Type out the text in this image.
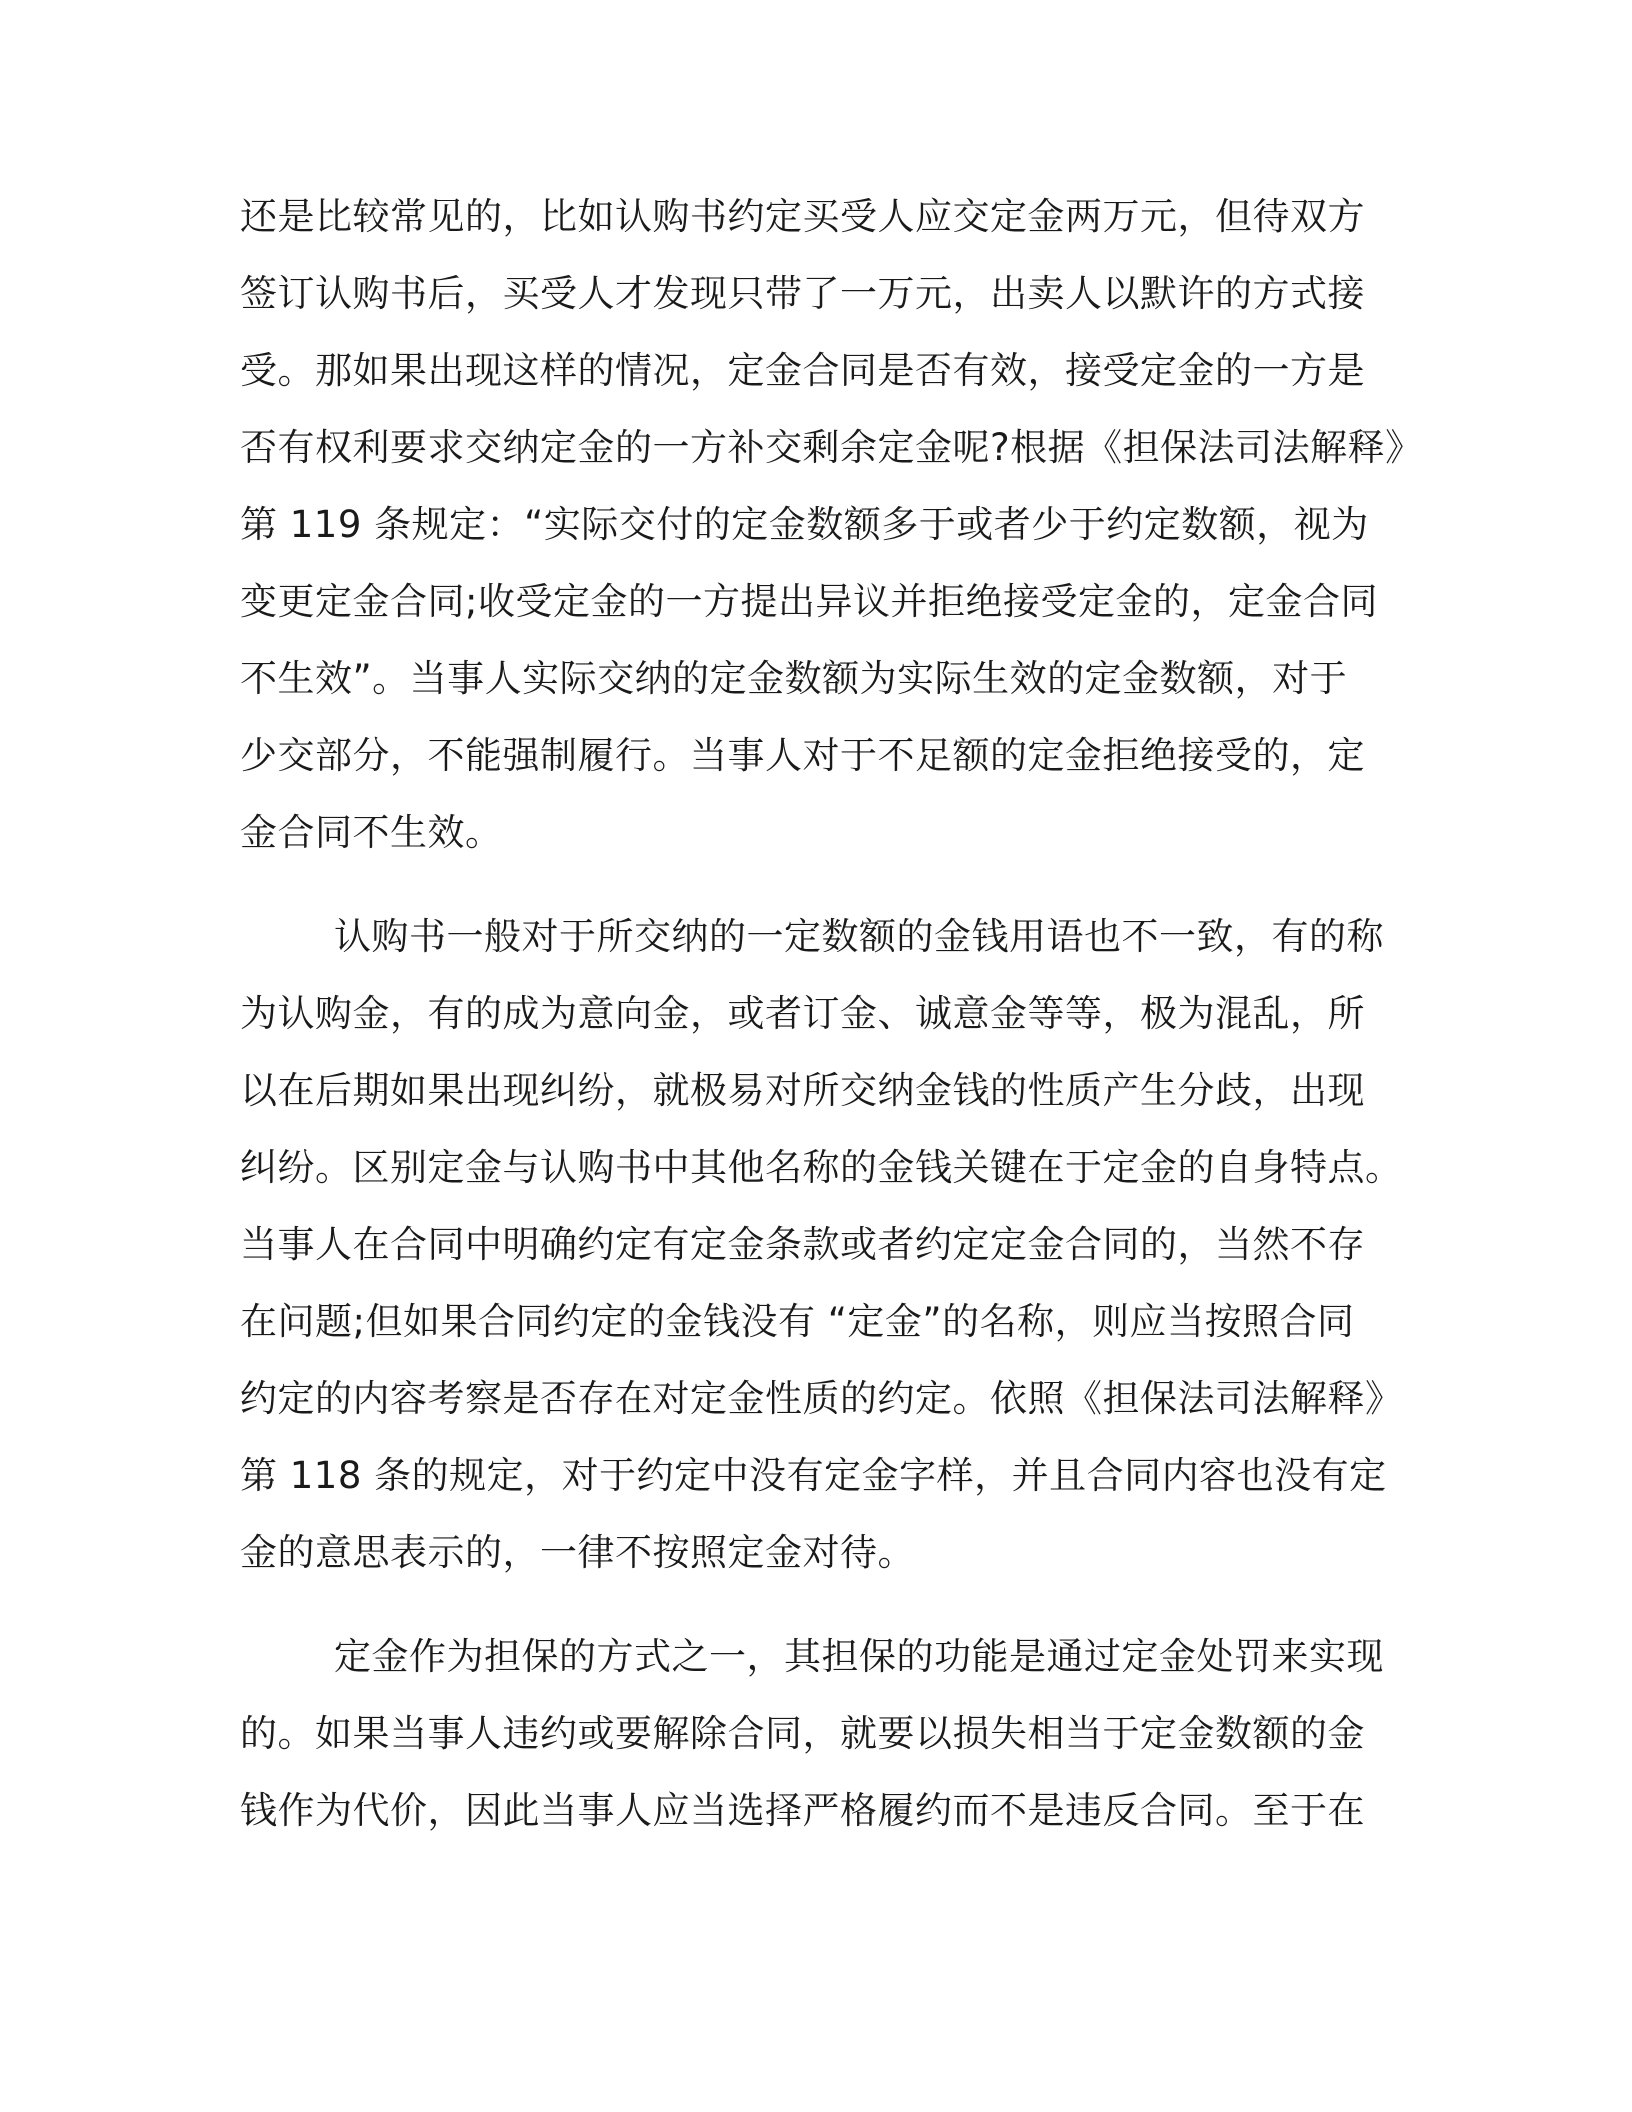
还是比较常见的，比如认购书约定买受人应交定金两万元，但待双方
签订认购书后，买受人才发现只带了一万元，出卖人以默许的方式接
受。那如果出现这样的情况，定金合同是否有效，接受定金的一方是
否有权利要求交纳定金的一方补交剩余定金呢?根据《担保法司法解释》
第 119 条规定：“实际交付的定金数额多于或者少于约定数额，视为
变更定金合同;收受定金的一方提出异议并拒绝接受定金的，定金合同
不生效”。当事人实际交纳的定金数额为实际生效的定金数额，对于
少交部分，不能强制履行。当事人对于不足额的定金拒绝接受的，定
金合同不生效。
认购书一般对于所交纳的一定数额的金钱用语也不一致，有的称
为认购金，有的成为意向金，或者订金、诚意金等等，极为混乱，所
以在后期如果出现纠纷，就极易对所交纳金钱的性质产生分歧，出现
纠纷。区别定金与认购书中其他名称的金钱关键在于定金的自身特点。
当事人在合同中明确约定有定金条款或者约定定金合同的，当然不存
在问题;但如果合同约定的金钱没有 “定金”的名称，则应当按照合同
约定的内容考察是否存在对定金性质的约定。依照《担保法司法解释》
第 118 条的规定，对于约定中没有定金字样，并且合同内容也没有定
金的意思表示的，一律不按照定金对待。
定金作为担保的方式之一，其担保的功能是通过定金处罚来实现
的。如果当事人违约或要解除合同，就要以损失相当于定金数额的金
钱作为代价，因此当事人应当选择严格履约而不是违反合同。至于在
